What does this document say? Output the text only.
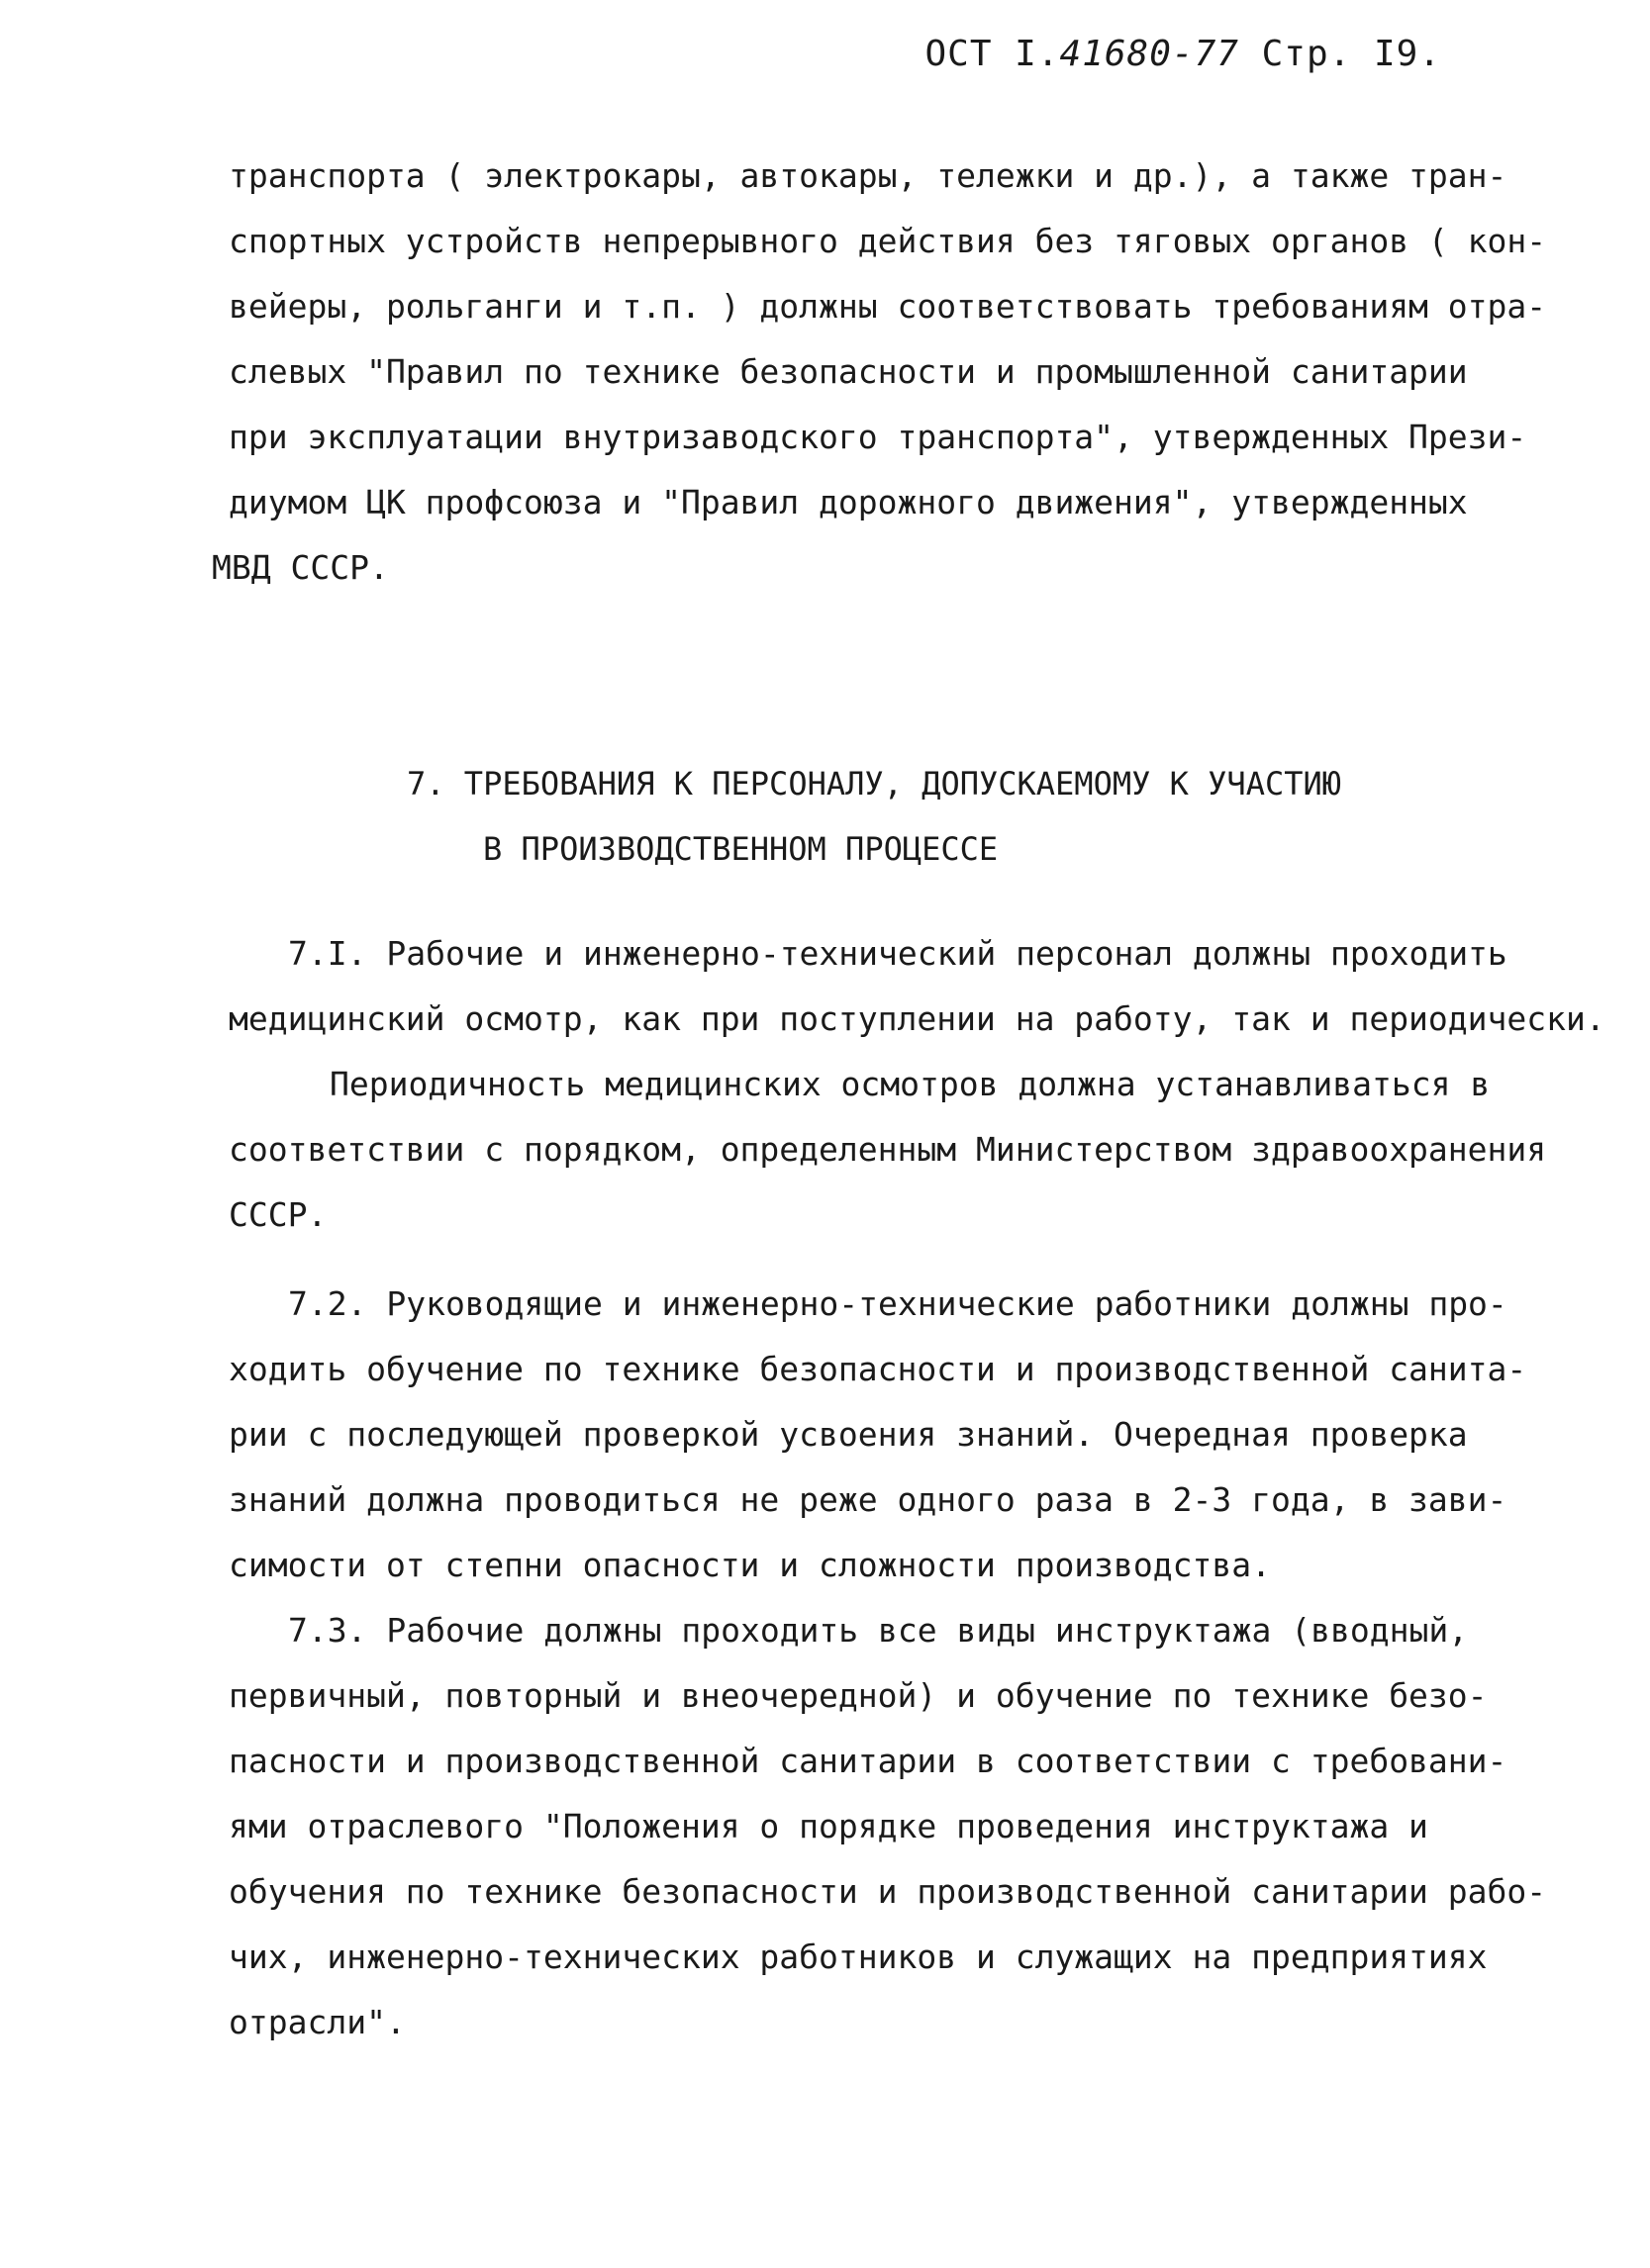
ОСТ I.41680-77 Стр. I9.
транспорта ( электрокары, автокары, тележки и др.), а также тран-
спортных устройств непрерывного действия без тяговых органов ( кон-
вейеры, рольганги и т.п. ) должны соответствовать требованиям отра-
слевых "Правил по технике безопасности и промышленной санитарии
при эксплуатации внутризаводского транспорта", утвержденных Прези-
диумом ЦК профсоюза и "Правил дорожного движения", утвержденных
МВД СССР.
7. ТРЕБОВАНИЯ К ПЕРСОНАЛУ, ДОПУСКАЕМОМУ К УЧАСТИЮ
В ПРОИЗВОДСТВЕННОМ ПРОЦЕССЕ
7.I. Рабочие и инженерно-технический персонал должны проходить
медицинский осмотр, как при поступлении на работу, так и периодически.
Периодичность медицинских осмотров должна устанавливаться в
соответствии с порядком, определенным Министерством здравоохранения
СССР.
7.2. Руководящие и инженерно-технические работники должны про-
ходить обучение по технике безопасности и производственной санита-
рии с последующей проверкой усвоения знаний. Очередная проверка
знаний должна проводиться не реже одного раза в 2-3 года, в зави-
симости от степни опасности и сложности производства.
7.3. Рабочие должны проходить все виды инструктажа (вводный,
первичный, повторный и внеочередной) и обучение по технике безо-
пасности и производственной санитарии в соответствии с требовани-
ями отраслевого "Положения о порядке проведения инструктажа и
обучения по технике безопасности и производственной санитарии рабо-
чих, инженерно-технических работников и служащих на предприятиях
отрасли".
